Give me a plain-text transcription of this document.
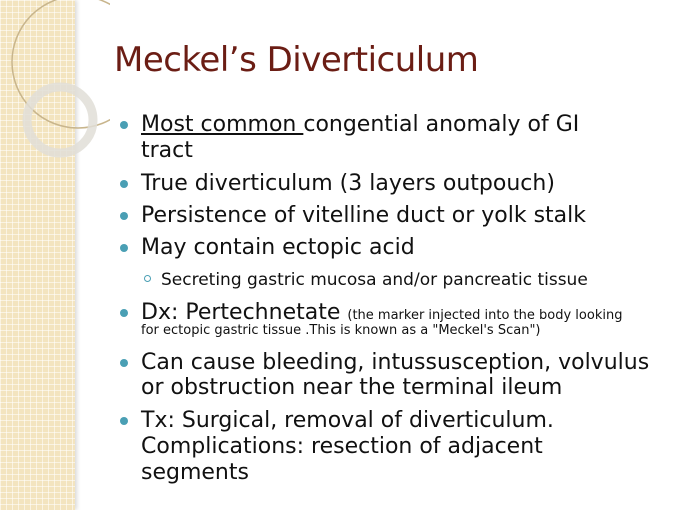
Meckel’s Diverticulum
Most common congential anomaly of GI
tract
True diverticulum (3 layers outpouch)
Persistence of vitelline duct or yolk stalk
May contain ectopic acid
Secreting gastric mucosa and/or pancreatic tissue
Dx: Pertechnetate (the marker injected into the body looking
for ectopic gastric tissue .This is known as a "Meckel's Scan")
Can cause bleeding, intussusception, volvulus
or obstruction near the terminal ileum
Tx: Surgical, removal of diverticulum.
Complications: resection of adjacent
segments
